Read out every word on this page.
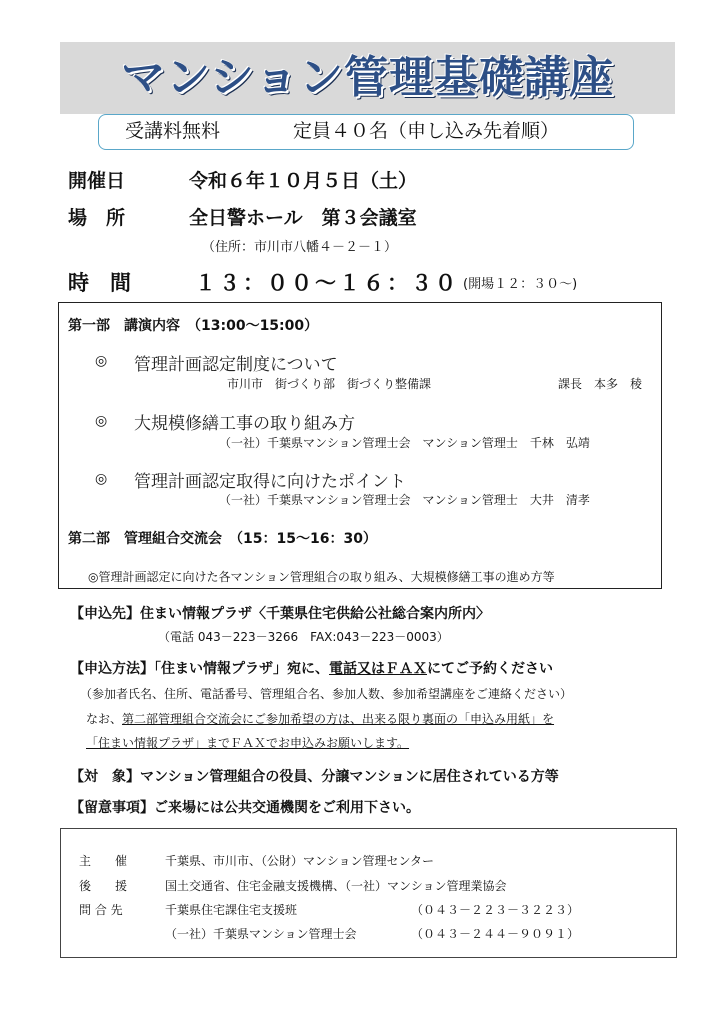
マンション管理基礎講座
受講料無料	定員４０名（申し込み先着順）
開催日	令和６年１０月５日（土）
場　所	全日警ホール　第３会議室
（住所：市川市八幡４－２－１）
時　間	１３：００～１６：３０ (開場１２：３０～)
第一部　講演内容　（13:00～15:00）
◎ 管理計画認定制度について
市川市　街づくり部　街づくり整備課	課長　本多　稜
◎ 大規模修繕工事の取り組み方
（一社）千葉県マンション管理士会　マンション管理士　千林　弘靖
◎ 管理計画認定取得に向けたポイント
（一社）千葉県マンション管理士会　マンション管理士　大井　清孝
第二部　管理組合交流会　（15：15～16：30）
◎管理計画認定に向けた各マンション管理組合の取り組み、大規模修繕工事の進め方等
【申込先】住まい情報プラザ〈千葉県住宅供給公社総合案内所内〉
（電話 043－223－3266　FAX:043－223－0003）
【申込方法】「住まい情報プラザ」宛に、電話又はＦＡＸにてご予約ください
（参加者氏名、住所、電話番号、管理組合名、参加人数、参加希望講座をご連絡ください）
なお、第二部管理組合交流会にご参加希望の方は、出来る限り裏面の「申込み用紙」を
「住まい情報プラザ」までＦＡＸでお申込みお願いします。
【対　象】マンション管理組合の役員、分譲マンションに居住されている方等
【留意事項】ご来場には公共交通機関をご利用下さい。
主　　催	千葉県、市川市、（公財）マンション管理センター
後　　援	国土交通省、住宅金融支援機構、（一社）マンション管理業協会
問 合 先	千葉県住宅課住宅支援班	（０４３－２２３－３２２３）
（一社）千葉県マンション管理士会	（０４３－２４４－９０９１）
